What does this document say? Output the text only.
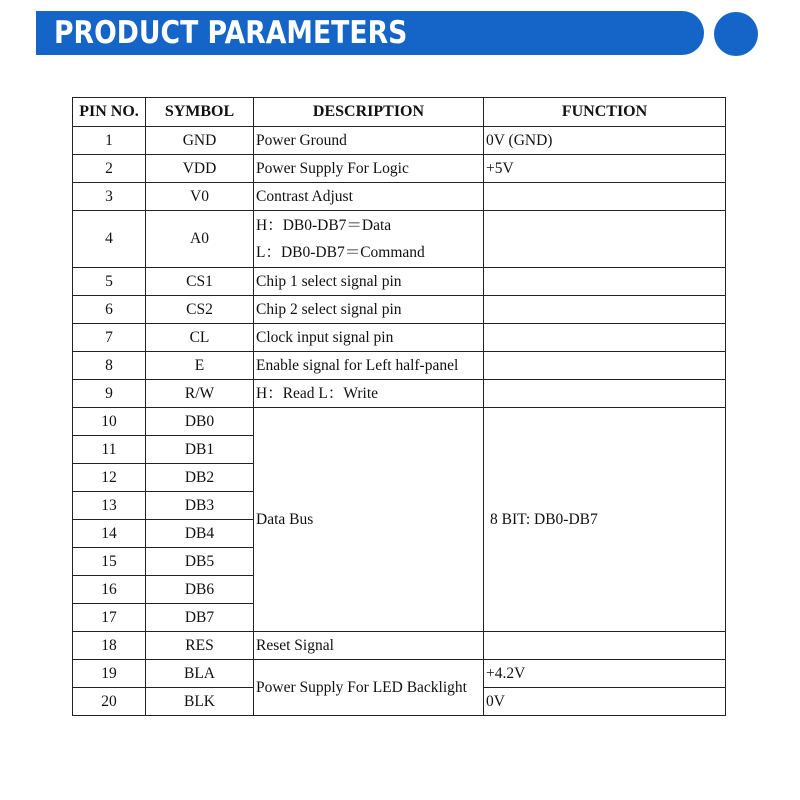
PRODUCT PARAMETERS
PIN NO.	SYMBOL	DESCRIPTION	FUNCTION
1	GND	Power Ground	0V (GND)
2	VDD	Power Supply For Logic	+5V
3	V0	Contrast Adjust	
4	A0	H：DB0-DB7＝Data
L：DB0-DB7＝Command	

5	CS1	Chip 1 select signal pin	
6	CS2	Chip 2 select signal pin	
7	CL	Clock input signal pin	
8	E	Enable signal for Left half-panel	
9	R/W	H：Read L：Write	
10	DB0	Data Bus	8 BIT: DB0-DB7
11	DB1		
12	DB2		
13	DB3		
14	DB4		
15	DB5		
16	DB6		
17	DB7		
18	RES	Reset Signal	
19	BLA	Power Supply For LED Backlight	+4.2V
20	BLK		0V
